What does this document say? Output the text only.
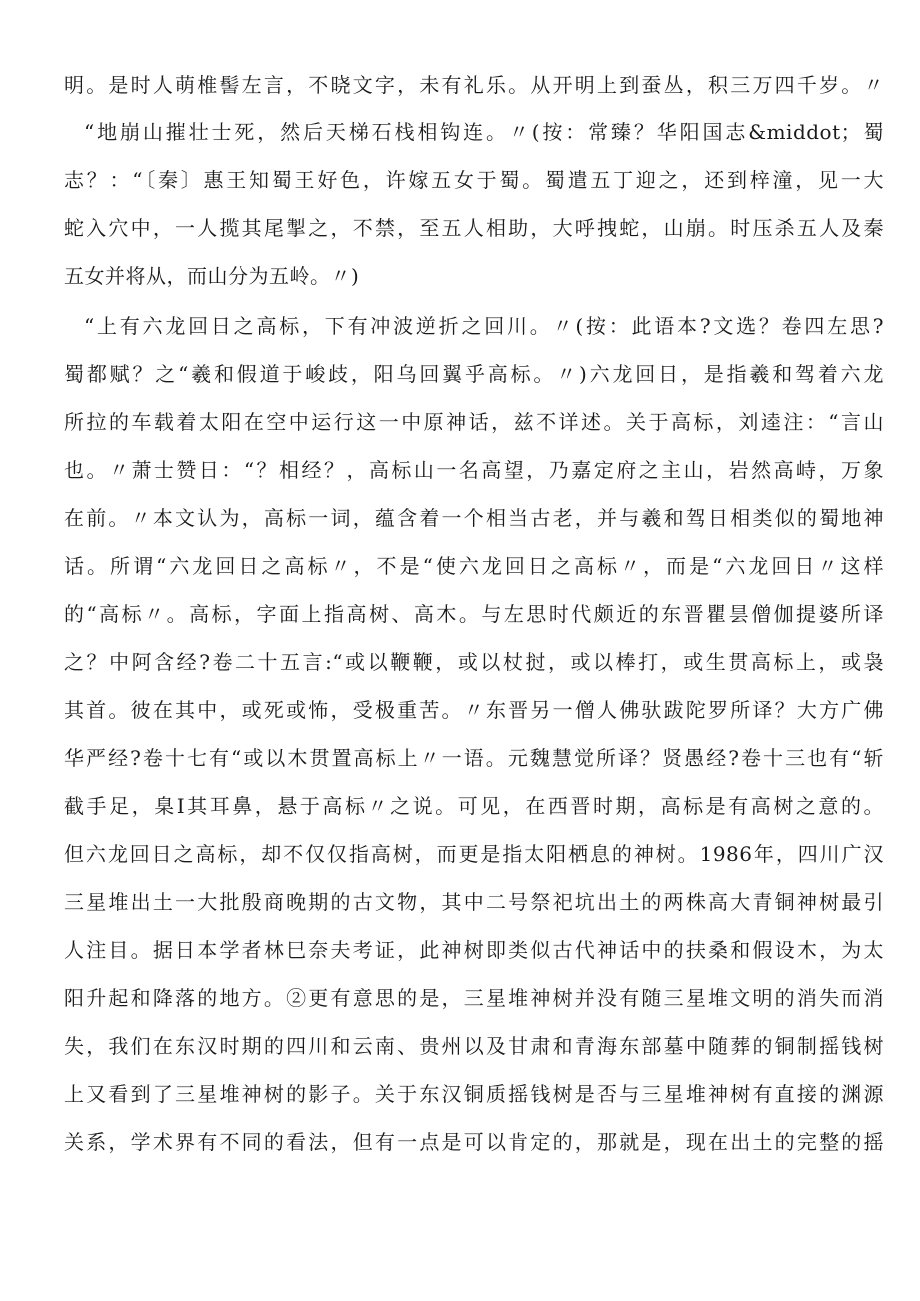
明。是时人萌椎髻左言，不晓文字，未有礼乐。从开明上到蚕丛，积三万四千岁。〃
“地崩山摧壮士死，然后天梯石栈相钩连。〃(按：常臻？华阳国志&middot；蜀
志？：“〔秦〕惠王知蜀王好色，许嫁五女于蜀。蜀遣五丁迎之，还到梓潼，见一大
蛇入穴中，一人揽其尾掣之，不禁，至五人相助，大呼拽蛇，山崩。时压杀五人及秦
五女并将从，而山分为五岭。〃)
“上有六龙回日之高标，下有冲波逆折之回川。〃(按：此语本?文选？卷四左思?
蜀都赋？之“羲和假道于峻歧，阳乌回翼乎高标。〃)六龙回日，是指羲和驾着六龙
所拉的车载着太阳在空中运行这一中原神话，兹不详述。关于高标，刘逵注：“言山
也。〃萧士赞日：“？相经？，高标山一名高望，乃嘉定府之主山，岩然高峙，万象
在前。〃本文认为，高标一词，蕴含着一个相当古老，并与羲和驾日相类似的蜀地神
话。所谓“六龙回日之高标〃，不是“使六龙回日之高标〃，而是“六龙回日〃这样
的“高标〃。高标，字面上指高树、高木。与左思时代颇近的东晋瞿昙僧伽提婆所译
之？中阿含经?卷二十五言:“或以鞭鞭，或以杖挝，或以棒打，或生贯高标上，或袅
其首。彼在其中，或死或怖，受极重苦。〃东晋另一僧人佛驮跋陀罗所译？大方广佛
华严经?卷十七有“或以木贯置高标上〃一语。元魏慧觉所译？贤愚经?卷十三也有“斩
截手足，臬Ⅰ其耳鼻，悬于高标〃之说。可见，在西晋时期，高标是有高树之意的。
但六龙回日之高标，却不仅仅指高树，而更是指太阳栖息的神树。1986年，四川广汉
三星堆出土一大批殷商晚期的古文物，其中二号祭祀坑出土的两株高大青铜神树最引
人注目。据日本学者林巳奈夫考证，此神树即类似古代神话中的扶桑和假设木，为太
阳升起和降落的地方。②更有意思的是，三星堆神树并没有随三星堆文明的消失而消
失，我们在东汉时期的四川和云南、贵州以及甘肃和青海东部墓中随葬的铜制摇钱树
上又看到了三星堆神树的影子。关于东汉铜质摇钱树是否与三星堆神树有直接的渊源
关系，学术界有不同的看法，但有一点是可以肯定的，那就是，现在出土的完整的摇
